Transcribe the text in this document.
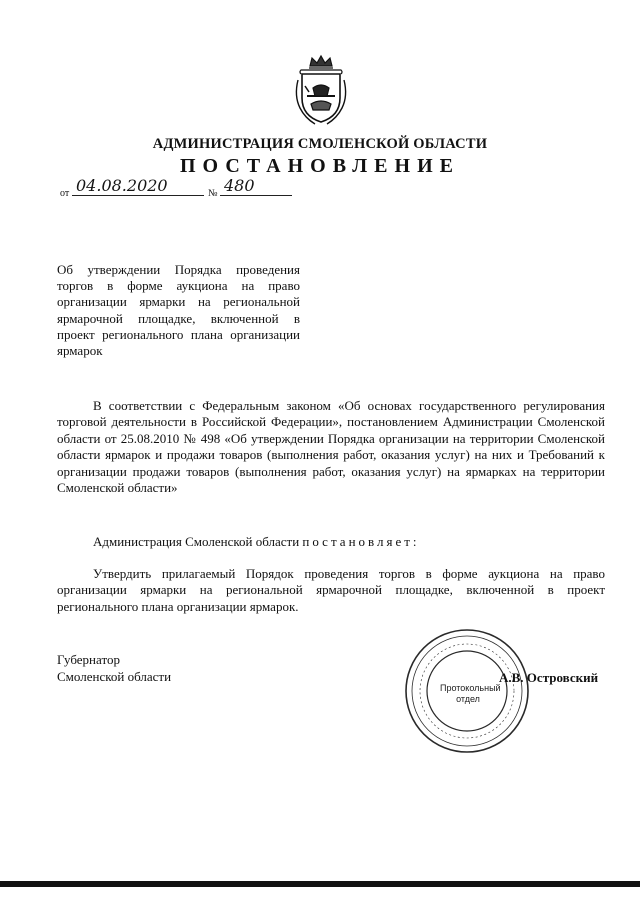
АДМИНИСТРАЦИЯ СМОЛЕНСКОЙ ОБЛАСТИ
ПОСТАНОВЛЕНИЕ
от 04.08.2020	№ 480
Об утверждении Порядка проведения торгов в форме аукциона на право организации ярмарки на региональной ярмарочной площадке, включенной в проект регионального плана организации ярмарок
В соответствии с Федеральным законом «Об основах государственного регулирования торговой деятельности в Российской Федерации», постановлением Администрации Смоленской области от 25.08.2010 № 498 «Об утверждении Порядка организации на территории Смоленской области ярмарок и продажи товаров (выполнения работ, оказания услуг) на них и Требований к организации продажи товаров (выполнения работ, оказания услуг) на ярмарках на территории Смоленской области»
Администрация Смоленской области постановляет:
Утвердить прилагаемый Порядок проведения торгов в форме аукциона на право организации ярмарки на региональной ярмарочной площадке, включенной в проект регионального плана организации ярмарок.
Губернатор
Смоленской области
Протокольный
отдел
А.В. Островский
